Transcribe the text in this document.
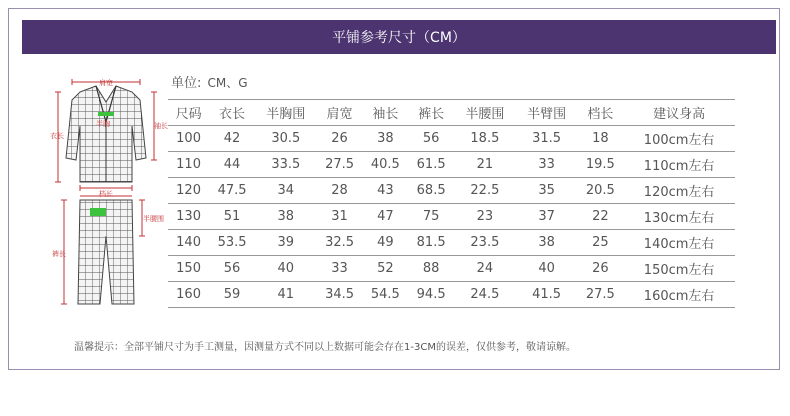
平铺参考尺寸（CM）
肩宽
衣长
袖长
半胸
档长
裤长
半腰围
单位: CM、G
尺码	衣长	半胸围	肩宽	袖长	裤长	半腰围	半臂围	档长	建议身高
100	42	30.5	26	38	56	18.5	31.5	18	100cm左右
110	44	33.5	27.5	40.5	61.5	21	33	19.5	110cm左右
120	47.5	34	28	43	68.5	22.5	35	20.5	120cm左右
130	51	38	31	47	75	23	37	22	130cm左右
140	53.5	39	32.5	49	81.5	23.5	38	25	140cm左右
150	56	40	33	52	88	24	40	26	150cm左右
160	59	41	34.5	54.5	94.5	24.5	41.5	27.5	160cm左右
温馨提示：全部平铺尺寸为手工测量，因测量方式不同以上数据可能会存在1-3CM的误差，仅供参考，敬请谅解。
